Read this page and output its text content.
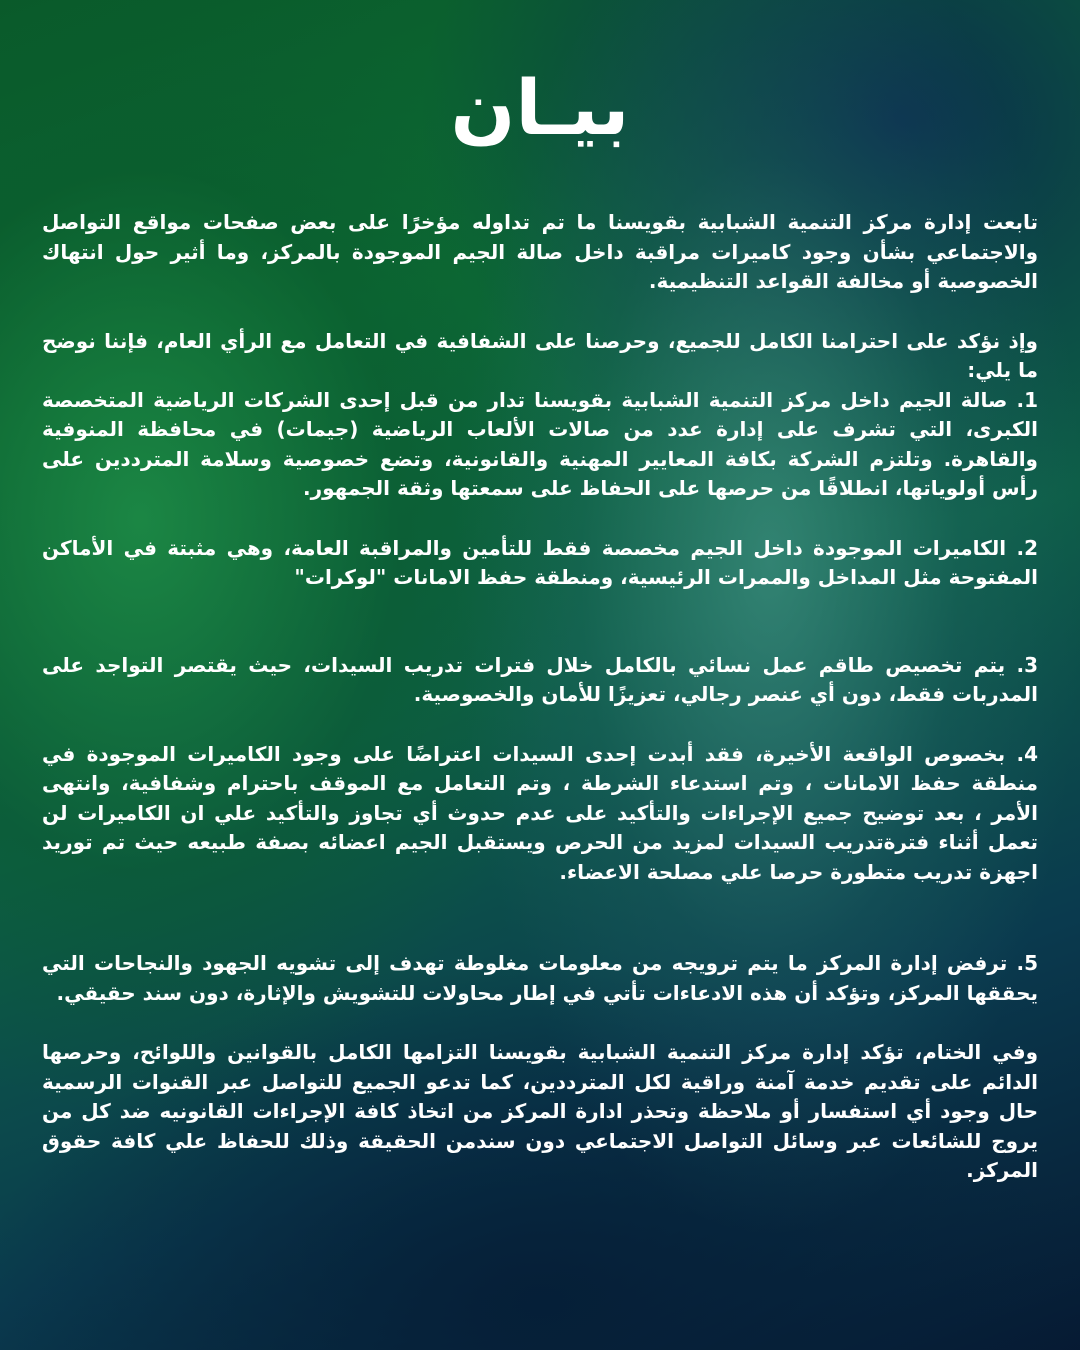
بيـان

تابعت إدارة مركز التنمية الشبابية بقويسنا ما تم تداوله مؤخرًا على بعض صفحات مواقع التواصل والاجتماعي بشأن وجود كاميرات مراقبة داخل صالة الجيم الموجودة بالمركز، وما أثير حول انتهاك الخصوصية أو مخالفة القواعد التنظيمية.

وإذ نؤكد على احترامنا الكامل للجميع، وحرصنا على الشفافية في التعامل مع الرأي العام، فإننا نوضح ما يلي:

1. صالة الجيم داخل مركز التنمية الشبابية بقويسنا تدار من قبل إحدى الشركات الرياضية المتخصصة الكبرى، التي تشرف على إدارة عدد من صالات الألعاب الرياضية (جيمات) في محافظة المنوفية والقاهرة. وتلتزم الشركة بكافة المعايير المهنية والقانونية، وتضع خصوصية وسلامة المترددين على رأس أولوياتها، انطلاقًا من حرصها على الحفاظ على سمعتها وثقة الجمهور.

2. الكاميرات الموجودة داخل الجيم مخصصة فقط للتأمين والمراقبة العامة، وهي مثبتة في الأماكن المفتوحة مثل المداخل والممرات الرئيسية، ومنطقة حفظ الامانات "لوكرات"

3. يتم تخصيص طاقم عمل نسائي بالكامل خلال فترات تدريب السيدات، حيث يقتصر التواجد على المدربات فقط، دون أي عنصر رجالي، تعزيزًا للأمان والخصوصية.

4. بخصوص الواقعة الأخيرة، فقد أبدت إحدى السيدات اعتراضًا على وجود الكاميرات الموجودة في منطقة حفظ الامانات ، وتم استدعاء الشرطة ، وتم التعامل مع الموقف باحترام وشفافية، وانتهى الأمر ، بعد توضيح جميع الإجراءات والتأكيد على عدم حدوث أي تجاوز والتأكيد علي ان الكاميرات لن تعمل أثناء فترةتدريب السيدات لمزيد من الحرص ويستقبل الجيم اعضائه بصفة طبيعه حيث تم توريد اجهزة تدريب متطورة حرصا علي مصلحة الاعضاء.

5. ترفض إدارة المركز ما يتم ترويجه من معلومات مغلوطة تهدف إلى تشويه الجهود والنجاحات التي يحققها المركز، وتؤكد أن هذه الادعاءات تأتي في إطار محاولات للتشويش والإثارة، دون سند حقيقي.

وفي الختام، تؤكد إدارة مركز التنمية الشبابية بقويسنا التزامها الكامل بالقوانين واللوائح، وحرصها الدائم على تقديم خدمة آمنة وراقية لكل المترددين، كما تدعو الجميع للتواصل عبر القنوات الرسمية حال وجود أي استفسار أو ملاحظة وتحذر ادارة المركز من اتخاذ كافة الإجراءات القانونيه ضد كل من يروج للشائعات عبر وسائل التواصل الاجتماعي دون سندمن الحقيقة وذلك للحفاظ علي كافة حقوق المركز.
